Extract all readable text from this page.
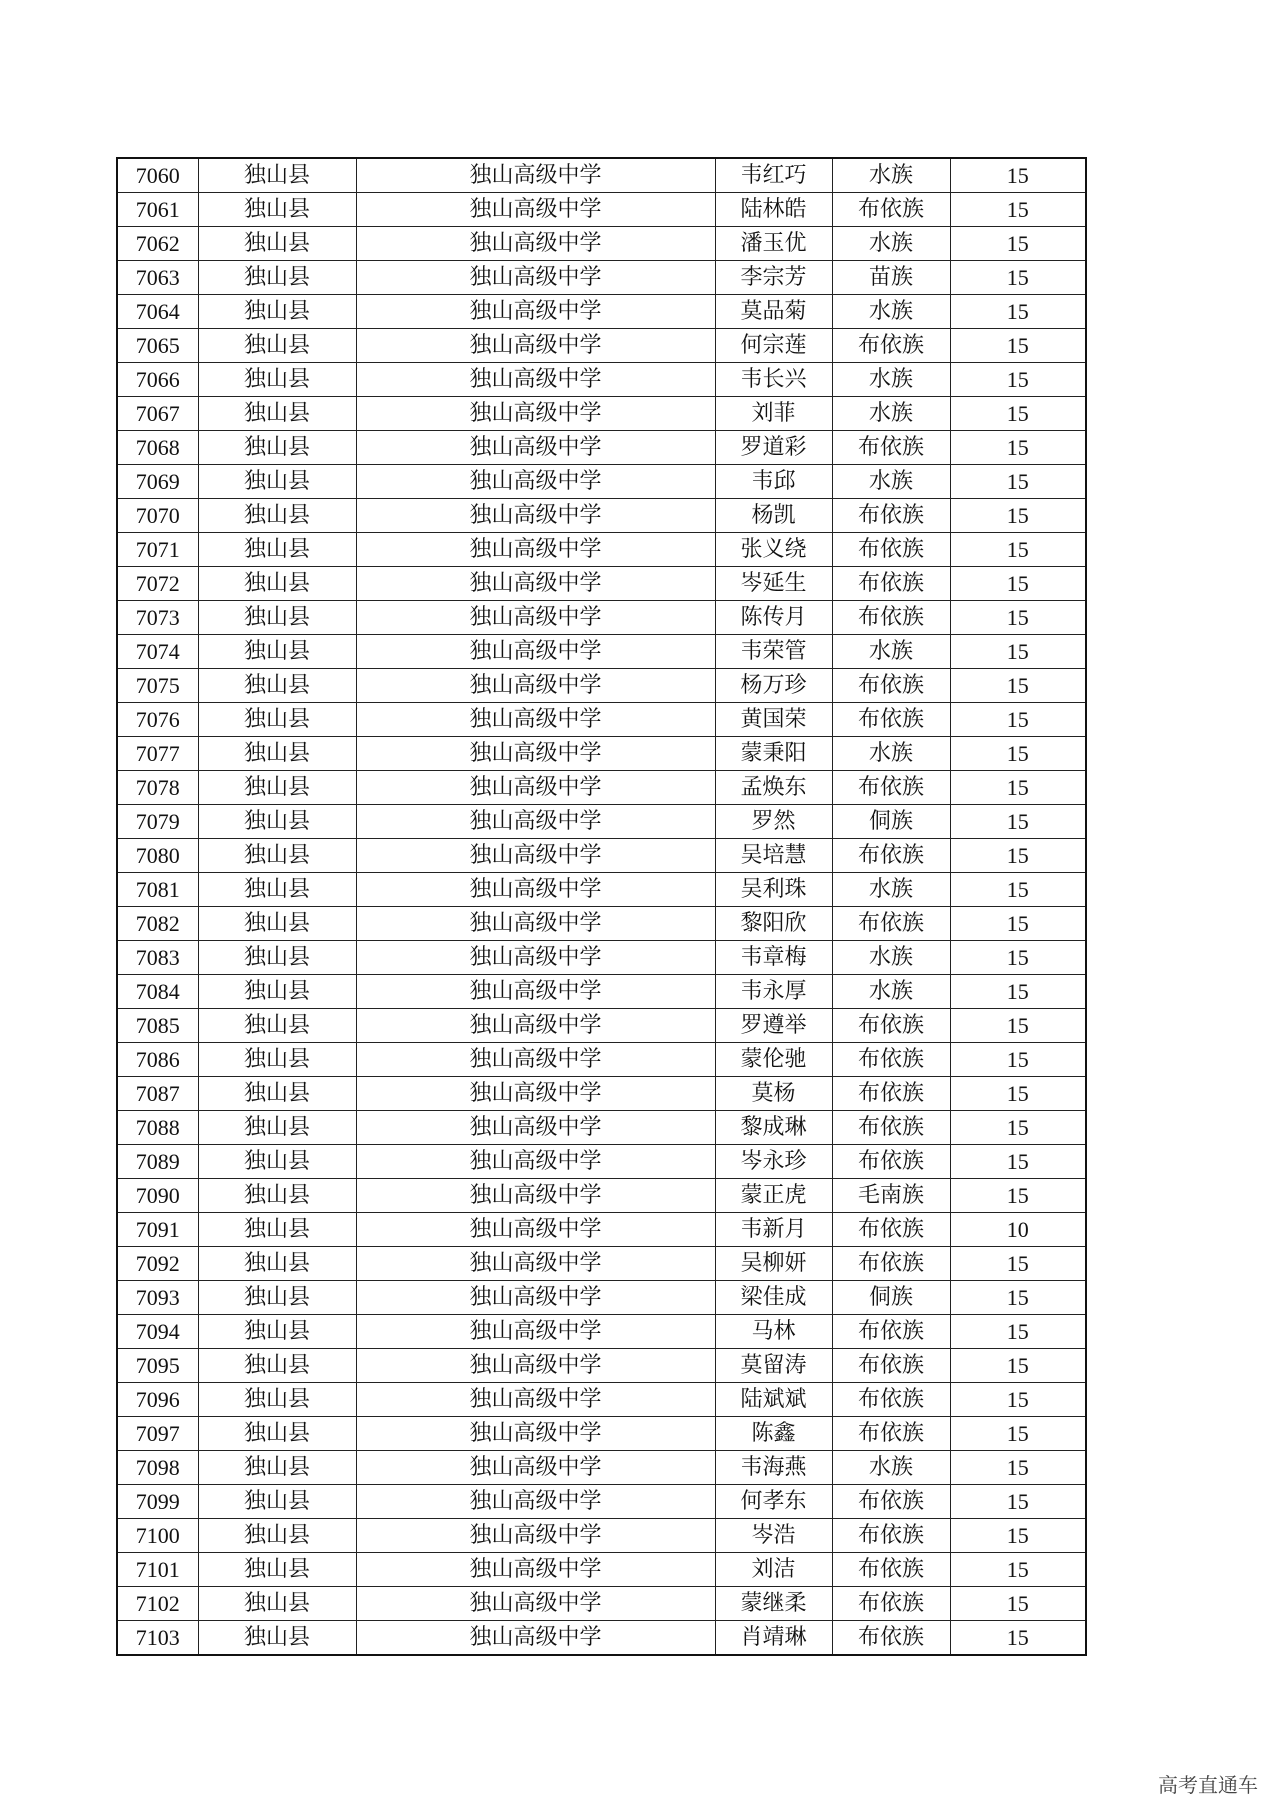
7060	独山县	独山高级中学	韦红巧	水族	15
7061	独山县	独山高级中学	陆林皓	布依族	15
7062	独山县	独山高级中学	潘玉优	水族	15
7063	独山县	独山高级中学	李宗芳	苗族	15
7064	独山县	独山高级中学	莫品菊	水族	15
7065	独山县	独山高级中学	何宗莲	布依族	15
7066	独山县	独山高级中学	韦长兴	水族	15
7067	独山县	独山高级中学	刘菲	水族	15
7068	独山县	独山高级中学	罗道彩	布依族	15
7069	独山县	独山高级中学	韦邱	水族	15
7070	独山县	独山高级中学	杨凯	布依族	15
7071	独山县	独山高级中学	张义绕	布依族	15
7072	独山县	独山高级中学	岑延生	布依族	15
7073	独山县	独山高级中学	陈传月	布依族	15
7074	独山县	独山高级中学	韦荣管	水族	15
7075	独山县	独山高级中学	杨万珍	布依族	15
7076	独山县	独山高级中学	黄国荣	布依族	15
7077	独山县	独山高级中学	蒙秉阳	水族	15
7078	独山县	独山高级中学	孟焕东	布依族	15
7079	独山县	独山高级中学	罗然	侗族	15
7080	独山县	独山高级中学	吴培慧	布依族	15
7081	独山县	独山高级中学	吴利珠	水族	15
7082	独山县	独山高级中学	黎阳欣	布依族	15
7083	独山县	独山高级中学	韦章梅	水族	15
7084	独山县	独山高级中学	韦永厚	水族	15
7085	独山县	独山高级中学	罗遵举	布依族	15
7086	独山县	独山高级中学	蒙伦驰	布依族	15
7087	独山县	独山高级中学	莫杨	布依族	15
7088	独山县	独山高级中学	黎成琳	布依族	15
7089	独山县	独山高级中学	岑永珍	布依族	15
7090	独山县	独山高级中学	蒙正虎	毛南族	15
7091	独山县	独山高级中学	韦新月	布依族	10
7092	独山县	独山高级中学	吴柳妍	布依族	15
7093	独山县	独山高级中学	梁佳成	侗族	15
7094	独山县	独山高级中学	马林	布依族	15
7095	独山县	独山高级中学	莫留涛	布依族	15
7096	独山县	独山高级中学	陆斌斌	布依族	15
7097	独山县	独山高级中学	陈鑫	布依族	15
7098	独山县	独山高级中学	韦海燕	水族	15
7099	独山县	独山高级中学	何孝东	布依族	15
7100	独山县	独山高级中学	岑浩	布依族	15
7101	独山县	独山高级中学	刘洁	布依族	15
7102	独山县	独山高级中学	蒙继柔	布依族	15
7103	独山县	独山高级中学	肖靖琳	布依族	15
高考直通车
